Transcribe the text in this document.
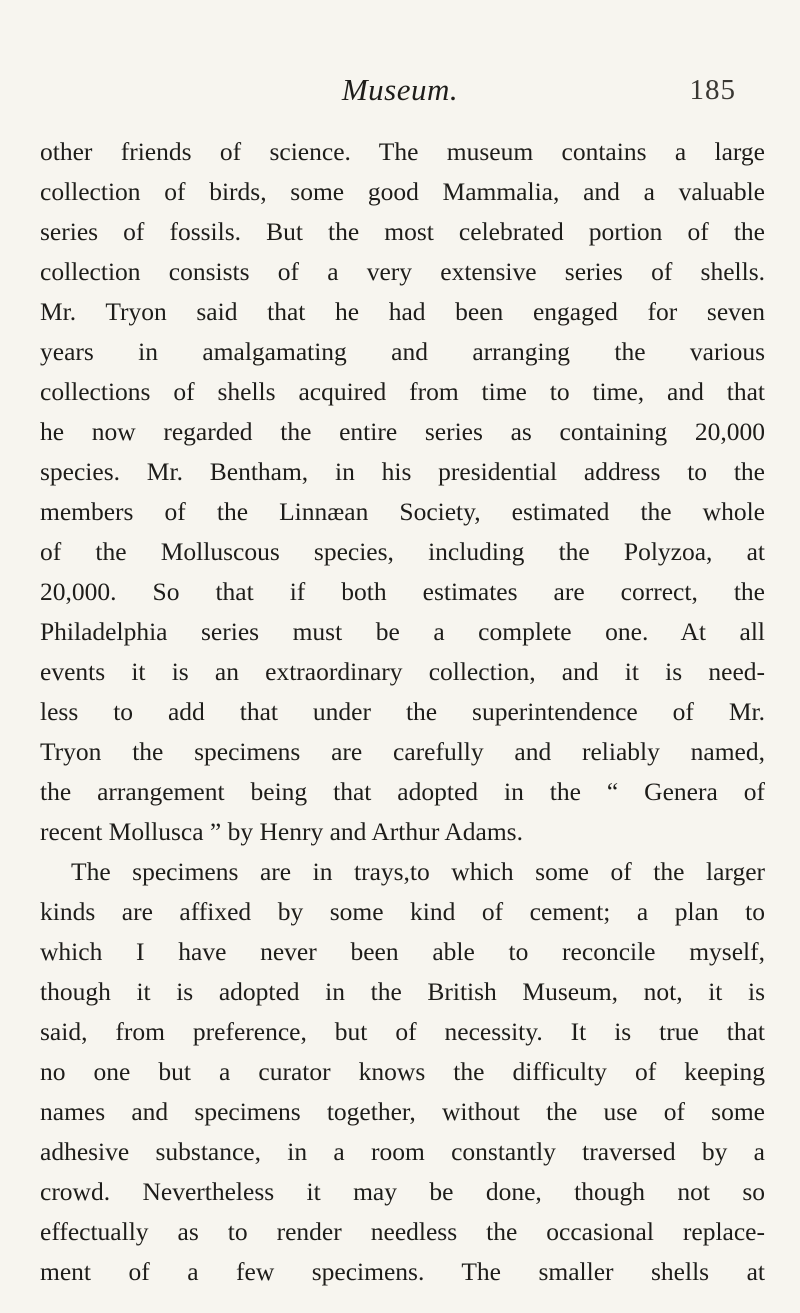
Museum.	185
other friends of science. The museum contains a large
collection of birds, some good Mammalia, and a valuable
series of fossils. But the most celebrated portion of the
collection consists of a very extensive series of shells.
Mr. Tryon said that he had been engaged for seven
years in amalgamating and arranging the various
collections of shells acquired from time to time, and that
he now regarded the entire series as containing 20,000
species. Mr. Bentham, in his presidential address to the
members of the Linnæan Society, estimated the whole
of the Molluscous species, including the Polyzoa, at
20,000. So that if both estimates are correct, the
Philadelphia series must be a complete one. At all
events it is an extraordinary collection, and it is need-
less to add that under the superintendence of Mr.
Tryon the specimens are carefully and reliably named,
the arrangement being that adopted in the “ Genera of
recent Mollusca ” by Henry and Arthur Adams.
The specimens are in trays,to which some of the larger
kinds are affixed by some kind of cement; a plan to
which I have never been able to reconcile myself,
though it is adopted in the British Museum, not, it is
said, from preference, but of necessity. It is true that
no one but a curator knows the difficulty of keeping
names and specimens together, without the use of some
adhesive substance, in a room constantly traversed by a
crowd. Nevertheless it may be done, though not so
effectually as to render needless the occasional replace-
ment of a few specimens. The smaller shells at
